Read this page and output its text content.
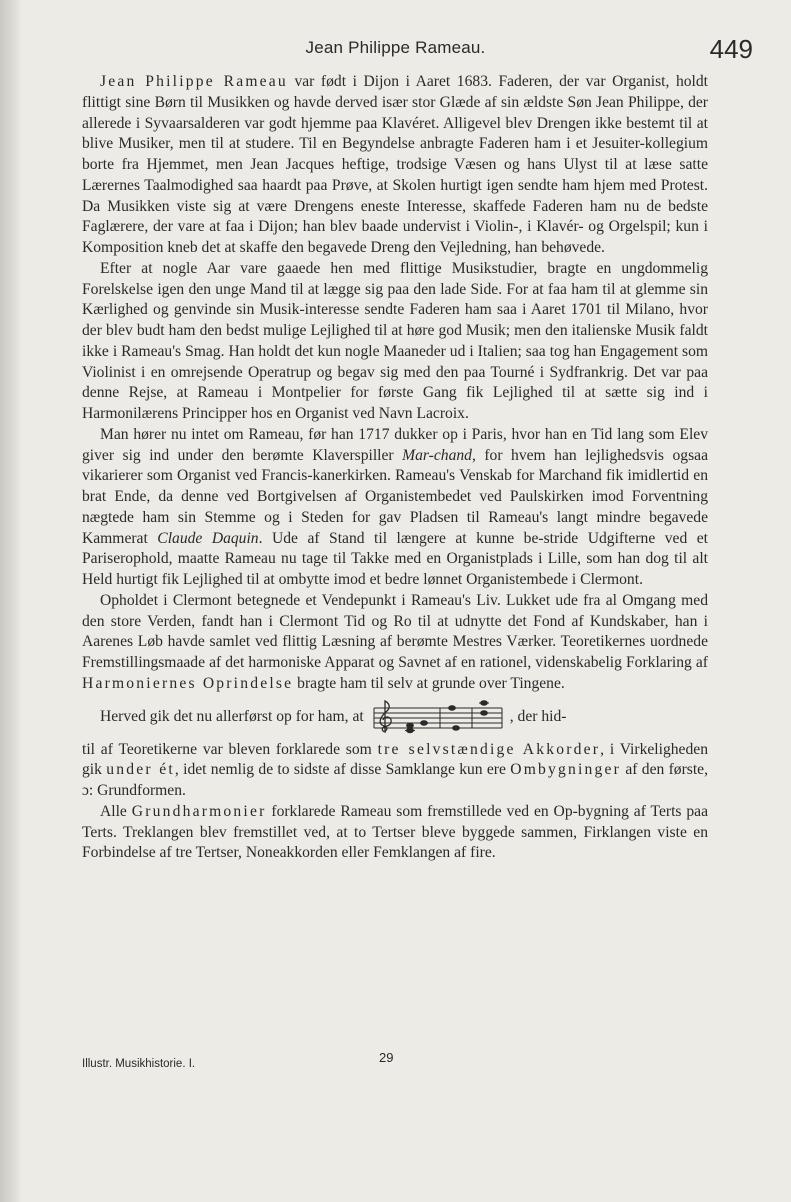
Jean Philippe Rameau.	449

Jean Philippe Rameau var født i Dijon i Aaret 1683. Faderen, der var Organist, holdt flittigt sine Børn til Musikken og havde derved især stor Glæde af sin ældste Søn Jean Philippe, der allerede i Syvaarsalderen var godt hjemme paa Klavéret. Alligevel blev Drengen ikke bestemt til at blive Musiker, men til at studere. Til en Begyndelse anbragte Faderen ham i et Jesuiter-kollegium borte fra Hjemmet, men Jean Jacques heftige, trodsige Væsen og hans Ulyst til at læse satte Lærernes Taalmodighed saa haardt paa Prøve, at Skolen hurtigt igen sendte ham hjem med Protest. Da Musikken viste sig at være Drengens eneste Interesse, skaffede Faderen ham nu de bedste Faglærere, der vare at faa i Dijon; han blev baade undervist i Violin-, i Klavér- og Orgelspil; kun i Komposition kneb det at skaffe den begavede Dreng den Vejledning, han behøvede.

Efter at nogle Aar vare gaaede hen med flittige Musikstudier, bragte en ungdommelig Forelskelse igen den unge Mand til at lægge sig paa den lade Side. For at faa ham til at glemme sin Kærlighed og genvinde sin Musik-interesse sendte Faderen ham saa i Aaret 1701 til Milano, hvor der blev budt ham den bedst mulige Lejlighed til at høre god Musik; men den italienske Musik faldt ikke i Rameau's Smag. Han holdt det kun nogle Maaneder ud i Italien; saa tog han Engagement som Violinist i en omrejsende Operatrup og begav sig med den paa Tourné i Sydfrankrig. Det var paa denne Rejse, at Rameau i Montpelier for første Gang fik Lejlighed til at sætte sig ind i Harmonilærens Principper hos en Organist ved Navn Lacroix.

Man hører nu intet om Rameau, før han 1717 dukker op i Paris, hvor han en Tid lang som Elev giver sig ind under den berømte Klaverspiller Mar-chand, for hvem han lejlighedsvis ogsaa vikarierer som Organist ved Francis-kanerkirken. Rameau's Venskab for Marchand fik imidlertid en brat Ende, da denne ved Bortgivelsen af Organistembedet ved Paulskirken imod Forventning nægtede ham sin Stemme og i Steden for gav Pladsen til Rameau's langt mindre begavede Kammerat Claude Daquin. Ude af Stand til længere at kunne be-stride Udgifterne ved et Pariserophold, maatte Rameau nu tage til Takke med en Organistplads i Lille, som han dog til alt Held hurtigt fik Lejlighed til at ombytte imod et bedre lønnet Organistembede i Clermont.

Opholdet i Clermont betegnede et Vendepunkt i Rameau's Liv. Lukket ude fra al Omgang med den store Verden, fandt han i Clermont Tid og Ro til at udnytte det Fond af Kundskaber, han i Aarenes Løb havde samlet ved flittig Læsning af berømte Mestres Værker. Teoretikernes uordnede Fremstillingsmaade af det harmoniske Apparat og Savnet af en rationel, videnskabelig Forklaring af Harmoniernes Oprindelse bragte ham til selv at grunde over Tingene.

Herved gik det nu allerførst op for ham, at	, der hid-

til af Teoretikerne var bleven forklarede som tre selvstændige Akkorder, i Virkeligheden gik under ét, idet nemlig de to sidste af disse Samklange kun ere Ombygninger af den første, ɔ: Grundformen.

Alle Grundharmonier forklarede Rameau som fremstillede ved en Op-bygning af Terts paa Terts. Treklangen blev fremstillet ved, at to Tertser bleve byggede sammen, Firklangen viste en Forbindelse af tre Tertser, Noneakkorden eller Femklangen af fire.

Illustr. Musikhistorie. I.	29
